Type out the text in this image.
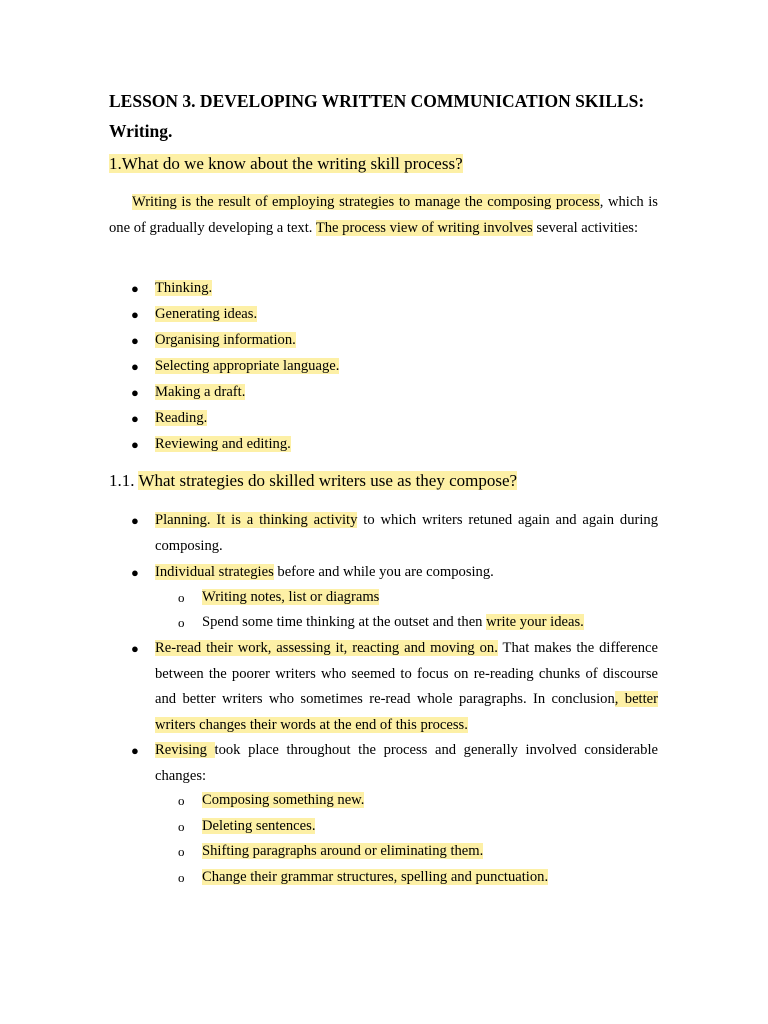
LESSON 3. DEVELOPING WRITTEN COMMUNICATION SKILLS:
Writing.
1.What do we know about the writing skill process?
Writing is the result of employing strategies to manage the composing process, which is one of gradually developing a text. The process view of writing involves several activities:
● Thinking.
● Generating ideas.
● Organising information.
● Selecting appropriate language.
● Making a draft.
● Reading.
● Reviewing and editing.
1.1. What strategies do skilled writers use as they compose?
● Planning. It is a thinking activity to which writers retuned again and again during composing.
● Individual strategies before and while you are composing.
o Writing notes, list or diagrams
o Spend some time thinking at the outset and then write your ideas.
● Re-read their work, assessing it, reacting and moving on. That makes the difference between the poorer writers who seemed to focus on re-reading chunks of discourse and better writers who sometimes re-read whole paragraphs. In conclusion, better writers changes their words at the end of this process.
● Revising took place throughout the process and generally involved considerable changes:
o Composing something new.
o Deleting sentences.
o Shifting paragraphs around or eliminating them.
o Change their grammar structures, spelling and punctuation.
